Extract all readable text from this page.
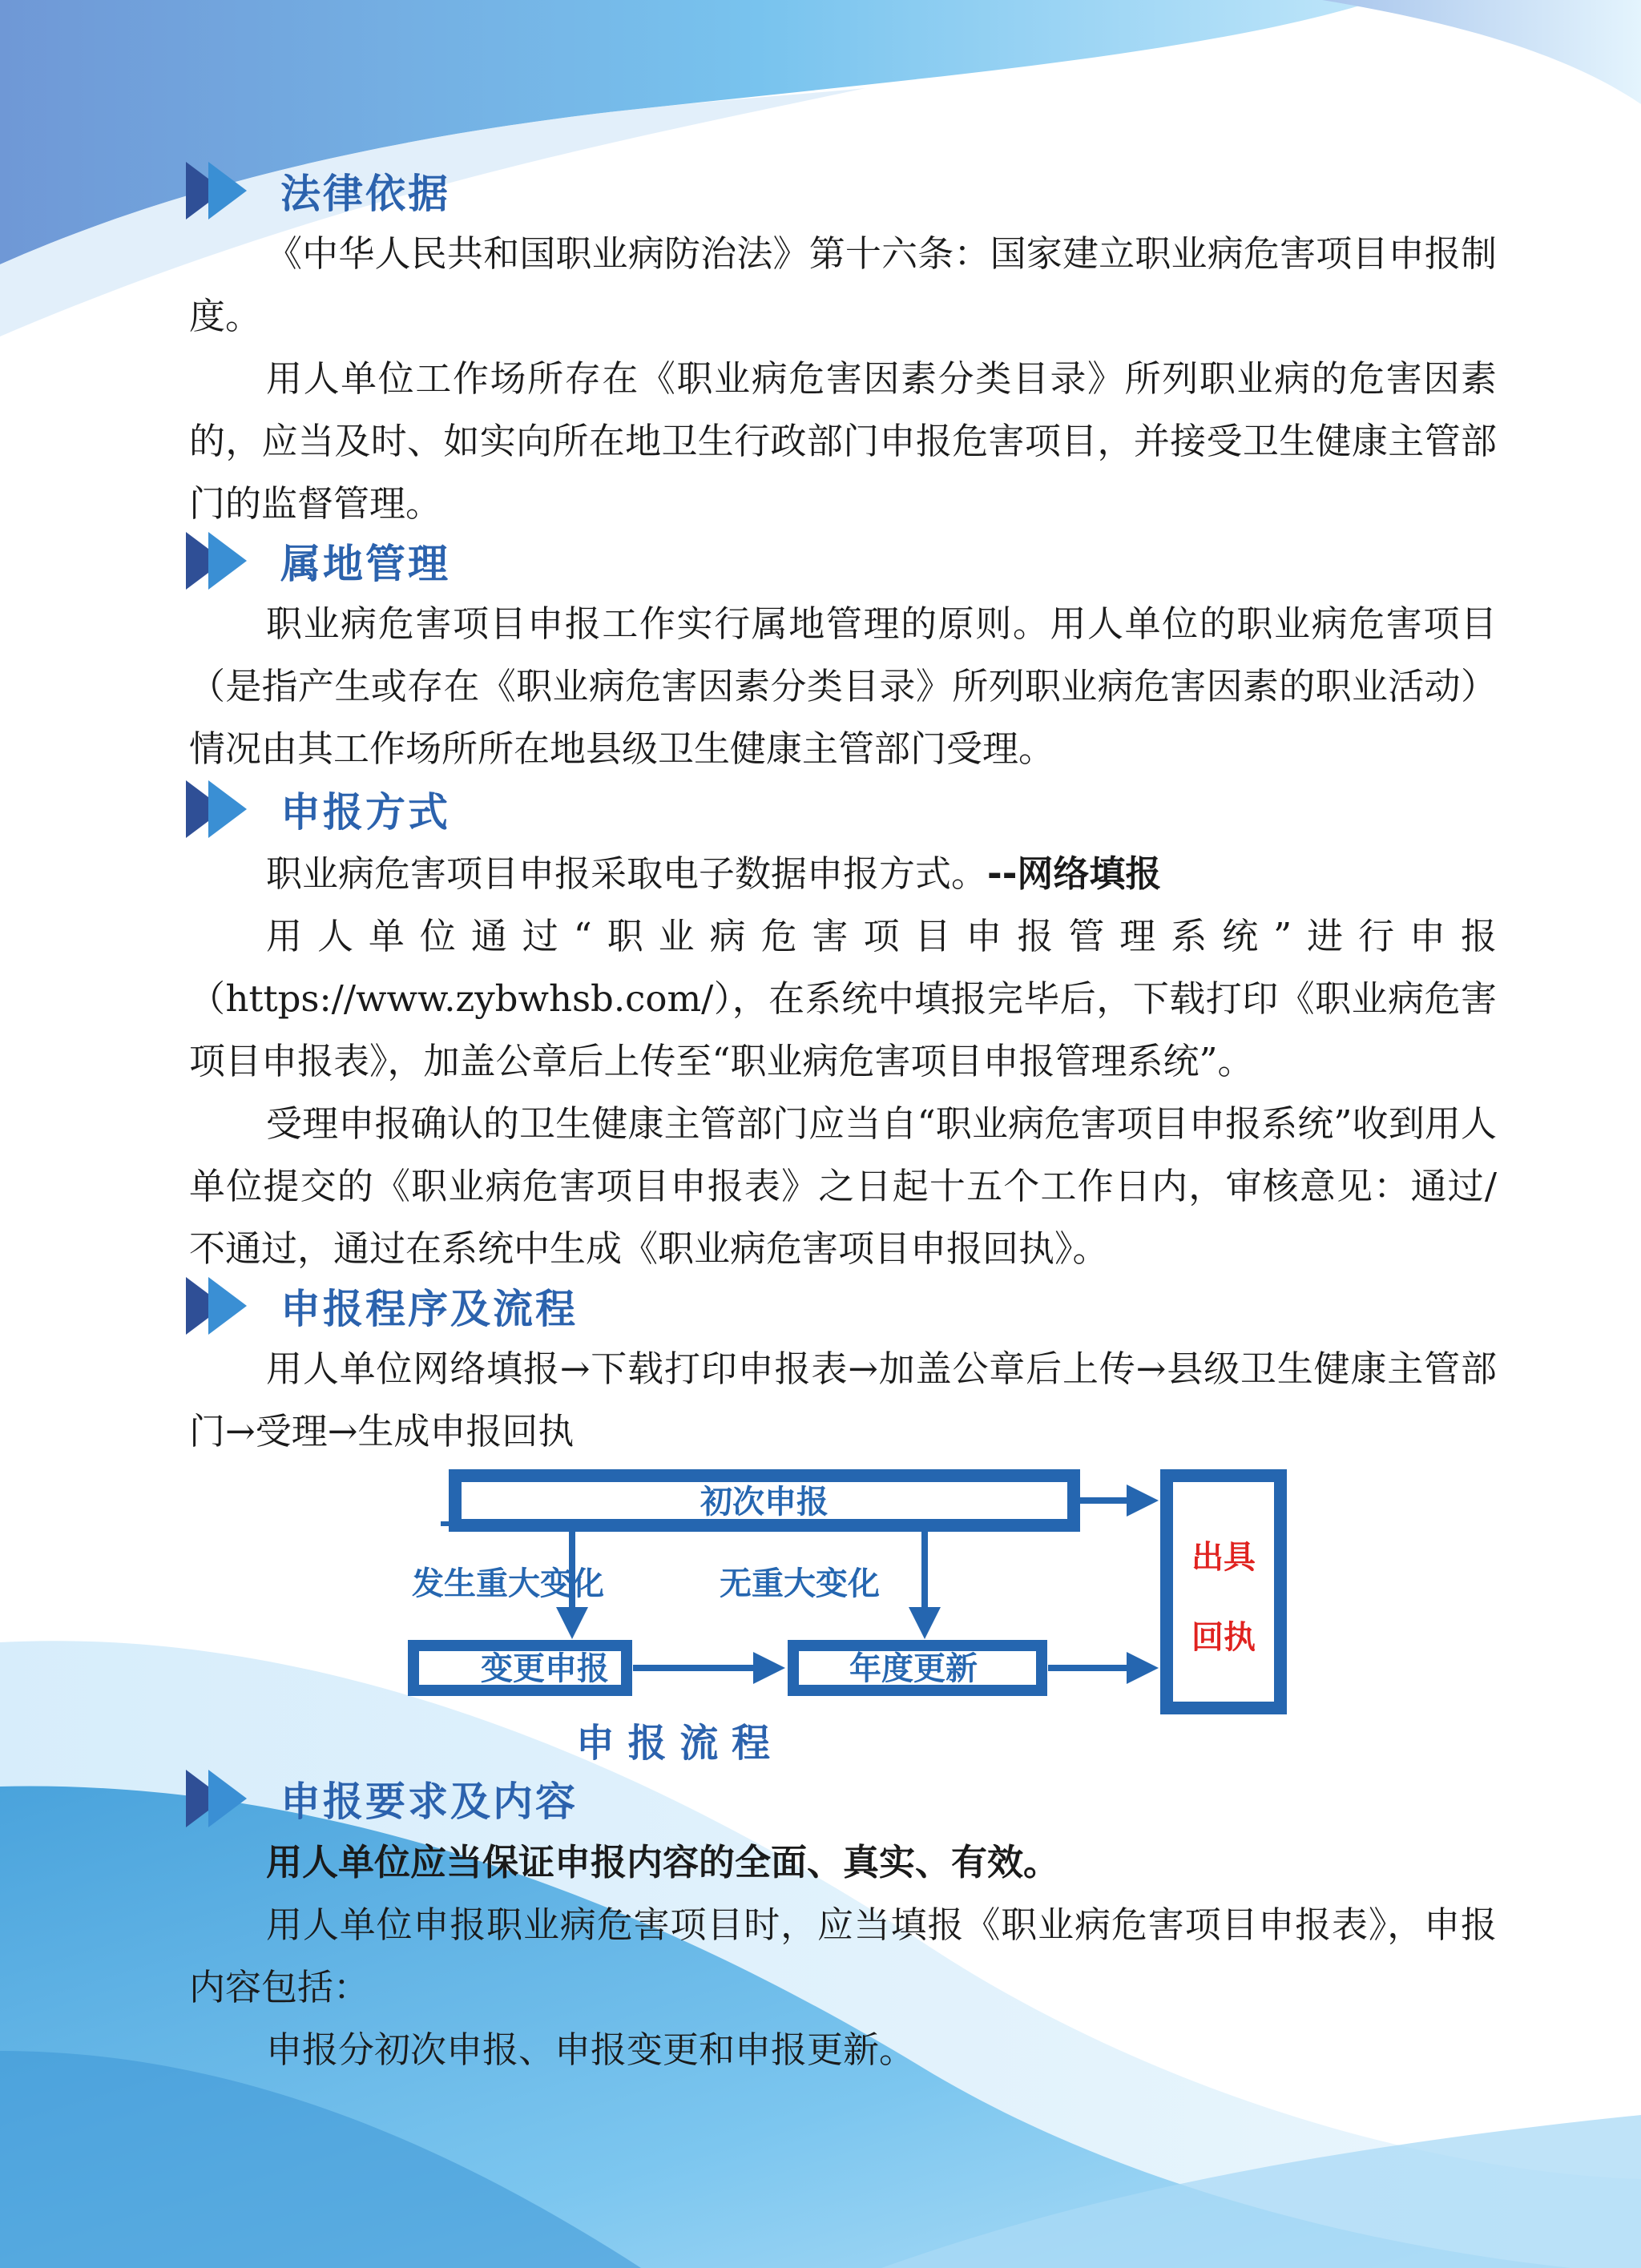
法律依据

《中华人民共和国职业病防治法》第十六条：国家建立职业病危害项目申报制度。

用人单位工作场所存在《职业病危害因素分类目录》所列职业病的危害因素的，应当及时、如实向所在地卫生行政部门申报危害项目，并接受卫生健康主管部门的监督管理。

属地管理

职业病危害项目申报工作实行属地管理的原则。用人单位的职业病危害项目（是指产生或存在《职业病危害因素分类目录》所列职业病危害因素的职业活动）情况由其工作场所所在地县级卫生健康主管部门受理。

申报方式

职业病危害项目申报采取电子数据申报方式。--网络填报

用人单位通过“职业病危害项目申报管理系统”进行申报（https://www.zybwhsb.com/），在系统中填报完毕后，下载打印《职业病危害项目申报表》，加盖公章后上传至“职业病危害项目申报管理系统”。

受理申报确认的卫生健康主管部门应当自“职业病危害项目申报系统”收到用人单位提交的《职业病危害项目申报表》之日起十五个工作日内，审核意见：通过/不通过，通过在系统中生成《职业病危害项目申报回执》。

申报程序及流程

用人单位网络填报→下载打印申报表→加盖公章后上传→县级卫生健康主管部门→受理→生成申报回执

初次申报
出具
回执
发生重大变化	无重大变化
变更申报	年度更新
申 报 流 程
申报要求及内容

用人单位应当保证申报内容的全面、真实、有效。

用人单位申报职业病危害项目时，应当填报《职业病危害项目申报表》，申报内容包括：

申报分初次申报、申报变更和申报更新。
